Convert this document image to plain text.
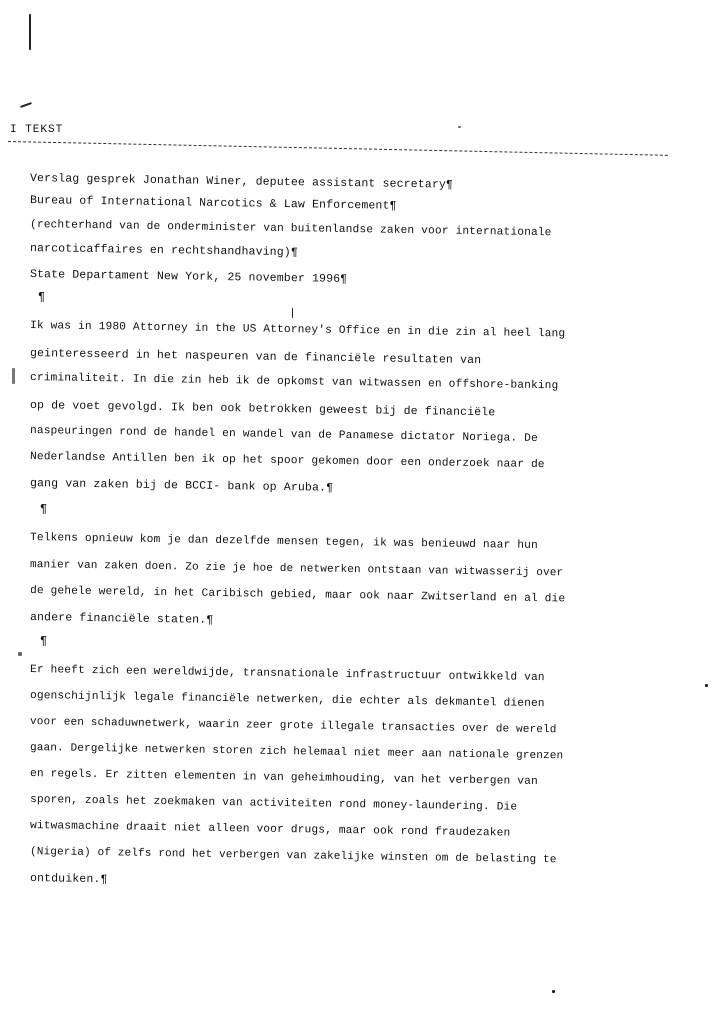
I TEKST
Verslag gesprek Jonathan Winer, deputee assistant secretary¶
Bureau of International Narcotics & Law Enforcement¶
(rechterhand van de onderminister van buitenlandse zaken voor internationale
narcoticaffaires en rechtshandhaving)¶
State Departament New York, 25 november 1996¶
¶
Ik was in 1980 Attorney in the US Attorney's Office en in die zin al heel lang
geinteresseerd in het naspeuren van de financiële resultaten van
criminaliteit. In die zin heb ik de opkomst van witwassen en offshore-banking
op de voet gevolgd. Ik ben ook betrokken geweest bij de financiële
naspeuringen rond de handel en wandel van de Panamese dictator Noriega. De
Nederlandse Antillen ben ik op het spoor gekomen door een onderzoek naar de
gang van zaken bij de BCCI- bank op Aruba.¶
¶
Telkens opnieuw kom je dan dezelfde mensen tegen, ik was benieuwd naar hun
manier van zaken doen. Zo zie je hoe de netwerken ontstaan van witwasserij over
de gehele wereld, in het Caribisch gebied, maar ook naar Zwitserland en al die
andere financiële staten.¶
¶
Er heeft zich een wereldwijde, transnationale infrastructuur ontwikkeld van
ogenschijnlijk legale financiële netwerken, die echter als dekmantel dienen
voor een schaduwnetwerk, waarin zeer grote illegale transacties over de wereld
gaan. Dergelijke netwerken storen zich helemaal niet meer aan nationale grenzen
en regels. Er zitten elementen in van geheimhouding, van het verbergen van
sporen, zoals het zoekmaken van activiteiten rond money-laundering. Die
witwasmachine draait niet alleen voor drugs, maar ook rond fraudezaken
(Nigeria) of zelfs rond het verbergen van zakelijke winsten om de belasting te
ontduiken.¶
